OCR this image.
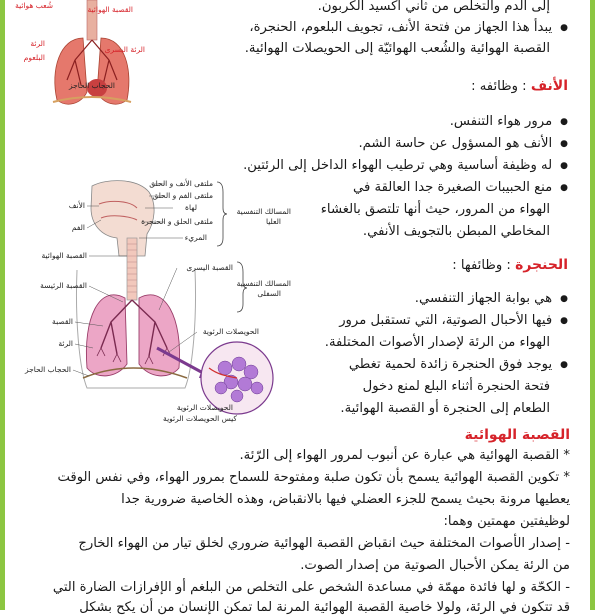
شُعب هوائية	القصبة الهوائية
الرئة
الرئة اليسرى
البلعوم
الحجاب الحاجز
إلى الدم والتخلص من ثاني أكسيد الكربون.
● يبدأ هذا الجهاز من فتحة الأنف، تجويف البلعوم، الحنجرة،
القصبة الهوائية والشُعب الهوائيّة إلى الحويصلات الهوائية.
الأنف : وظائفه :
● مرور هواء التنفس.
● الأنف هو المسؤول عن حاسة الشم.
● له وظيفة أساسية وهي ترطيب الهواء الداخل إلى الرئتين.
● منع الحبيبات الصغيرة جدا العالقة في
الهواء من المرور، حيث أنها تلتصق بالغشاء
المخاطي المبطن بالتجويف الأنفي.
الحنجرة : وظائفها :
● هي بوابة الجهاز التنفسي.
● فيها الأحبال الصوتية، التي تستقبل مرور
الهواء من الرئة لإصدار الأصوات المختلفة.
● يوجد فوق الحنجرة زائدة لحمية تغطي
فتحة الحنجرة أثناء البلع لمنع دخول
الطعام إلى الحنجرة أو القصبة الهوائية.
الأنف
الفم
القصبة الهوائية
القصبة الرئيسة
القصبة
الرئة
الحجاب الحاجز
ملتقى الأنف و الحلق
ملتقى الفم و الحلق
لهاة
ملتقى الحلق و الحنجرة
المريء
المسالك التنفسية
العليا
القصبة اليسرى
المسالك التنفسية
السفلى
الحويصلات الرئوية
الحويصلات الرئوية
كيس الحويصلات الرئوية
القصبة الهوائية
* القصبة الهوائية هي عبارة عن أنبوب لمرور الهواء إلى الرّئة.
* تكوين القصبة الهوائية يسمح بأن تكون صلبة ومفتوحة للسماح بمرور الهواء، وفي نفس الوقت
يعطيها مرونة بحيث يسمح للجزء العضلي فيها بالانقباض، وهذه الخاصية ضرورية جدا
لوظيفتين مهمتين وهما:
- إصدار الأصوات المختلفة حيث انقباض القصبة الهوائية ضروري لخلق تيار من الهواء الخارج
من الرئة يمكن الأحبال الصوتية من إصدار الصوت.
- الكحّة و لها فائدة مهمّة في مساعدة الشخص على التخلص من البلغم أو الإفرازات الضارة التي
قد تتكون في الرئة، ولولا خاصية القصبة الهوائية المرنة لما تمكن الإنسان من أن يكح بشكل
